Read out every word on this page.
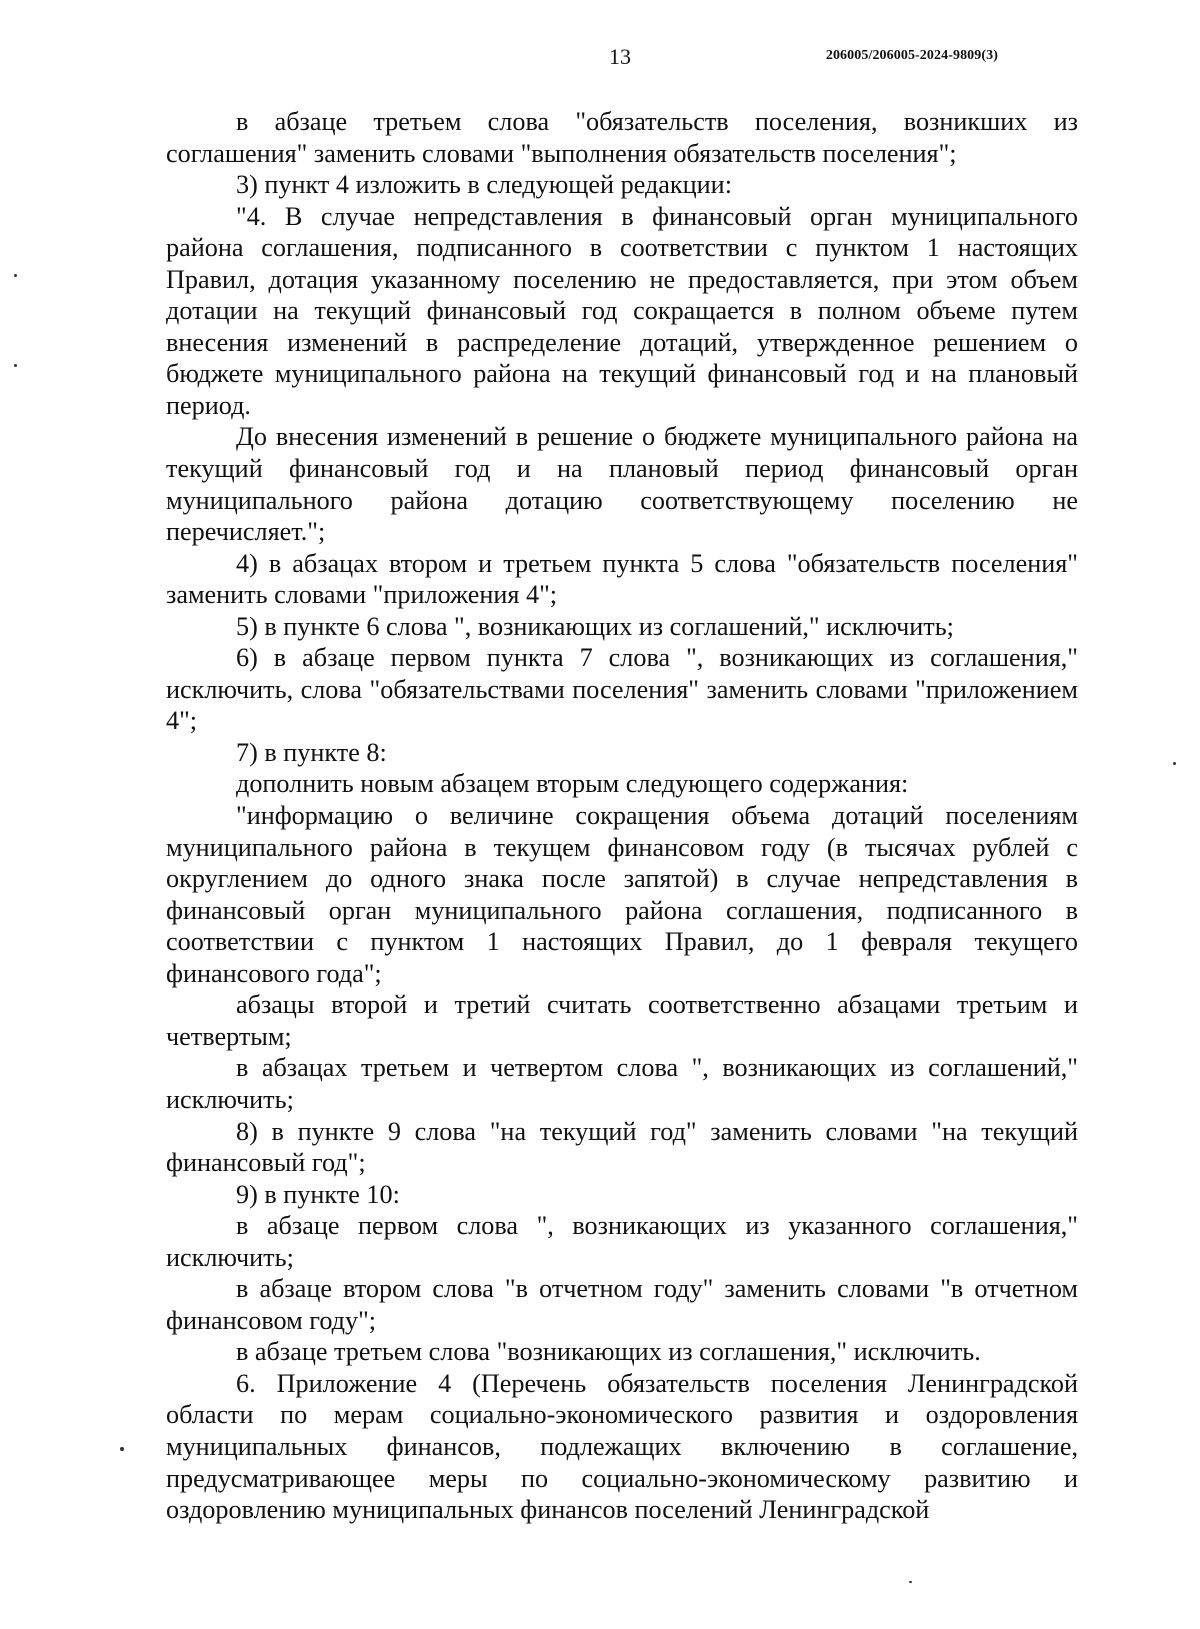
13	206005/206005-2024-9809(3)

в абзаце третьем слова "обязательств поселения, возникших из соглашения" заменить словами "выполнения обязательств поселения";

3) пункт 4 изложить в следующей редакции:

"4. В случае непредставления в финансовый орган муниципального района соглашения, подписанного в соответствии с пунктом 1 настоящих Правил, дотация указанному поселению не предоставляется, при этом объем дотации на текущий финансовый год сокращается в полном объеме путем внесения изменений в распределение дотаций, утвержденное решением о бюджете муниципального района на текущий финансовый год и на плановый период.

До внесения изменений в решение о бюджете муниципального района на текущий финансовый год и на плановый период финансовый орган муниципального района дотацию соответствующему поселению не перечисляет.";

4) в абзацах втором и третьем пункта 5 слова "обязательств поселения" заменить словами "приложения 4";

5) в пункте 6 слова ", возникающих из соглашений," исключить;

6) в абзаце первом пункта 7 слова ", возникающих из соглашения," исключить, слова "обязательствами поселения" заменить словами "приложением 4";

7) в пункте 8:

дополнить новым абзацем вторым следующего содержания:

"информацию о величине сокращения объема дотаций поселениям муниципального района в текущем финансовом году (в тысячах рублей с округлением до одного знака после запятой) в случае непредставления в финансовый орган муниципального района соглашения, подписанного в соответствии с пунктом 1 настоящих Правил, до 1 февраля текущего финансового года";

абзацы второй и третий считать соответственно абзацами третьим и четвертым;

в абзацах третьем и четвертом слова ", возникающих из соглашений," исключить;

8) в пункте 9 слова "на текущий год" заменить словами "на текущий финансовый год";

9) в пункте 10:

в абзаце первом слова ", возникающих из указанного соглашения," исключить;

в абзаце втором слова "в отчетном году" заменить словами "в отчетном финансовом году";

в абзаце третьем слова "возникающих из соглашения," исключить.

6. Приложение 4 (Перечень обязательств поселения Ленинградской области по мерам социально-экономического развития и оздоровления муниципальных финансов, подлежащих включению в соглашение, предусматривающее меры по социально-экономическому развитию и оздоровлению муниципальных финансов поселений Ленинградской
